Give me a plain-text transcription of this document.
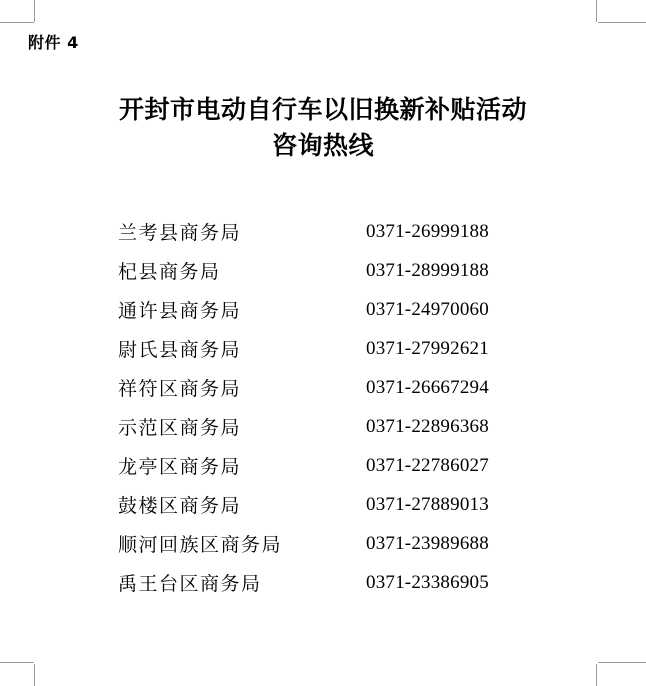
附件 4
开封市电动自行车以旧换新补贴活动
咨询热线
兰考县商务局	0371-26999188
杞县商务局	0371-28999188
通许县商务局	0371-24970060
尉氏县商务局	0371-27992621
祥符区商务局	0371-26667294
示范区商务局	0371-22896368
龙亭区商务局	0371-22786027
鼓楼区商务局	0371-27889013
顺河回族区商务局	0371-23989688
禹王台区商务局	0371-23386905
